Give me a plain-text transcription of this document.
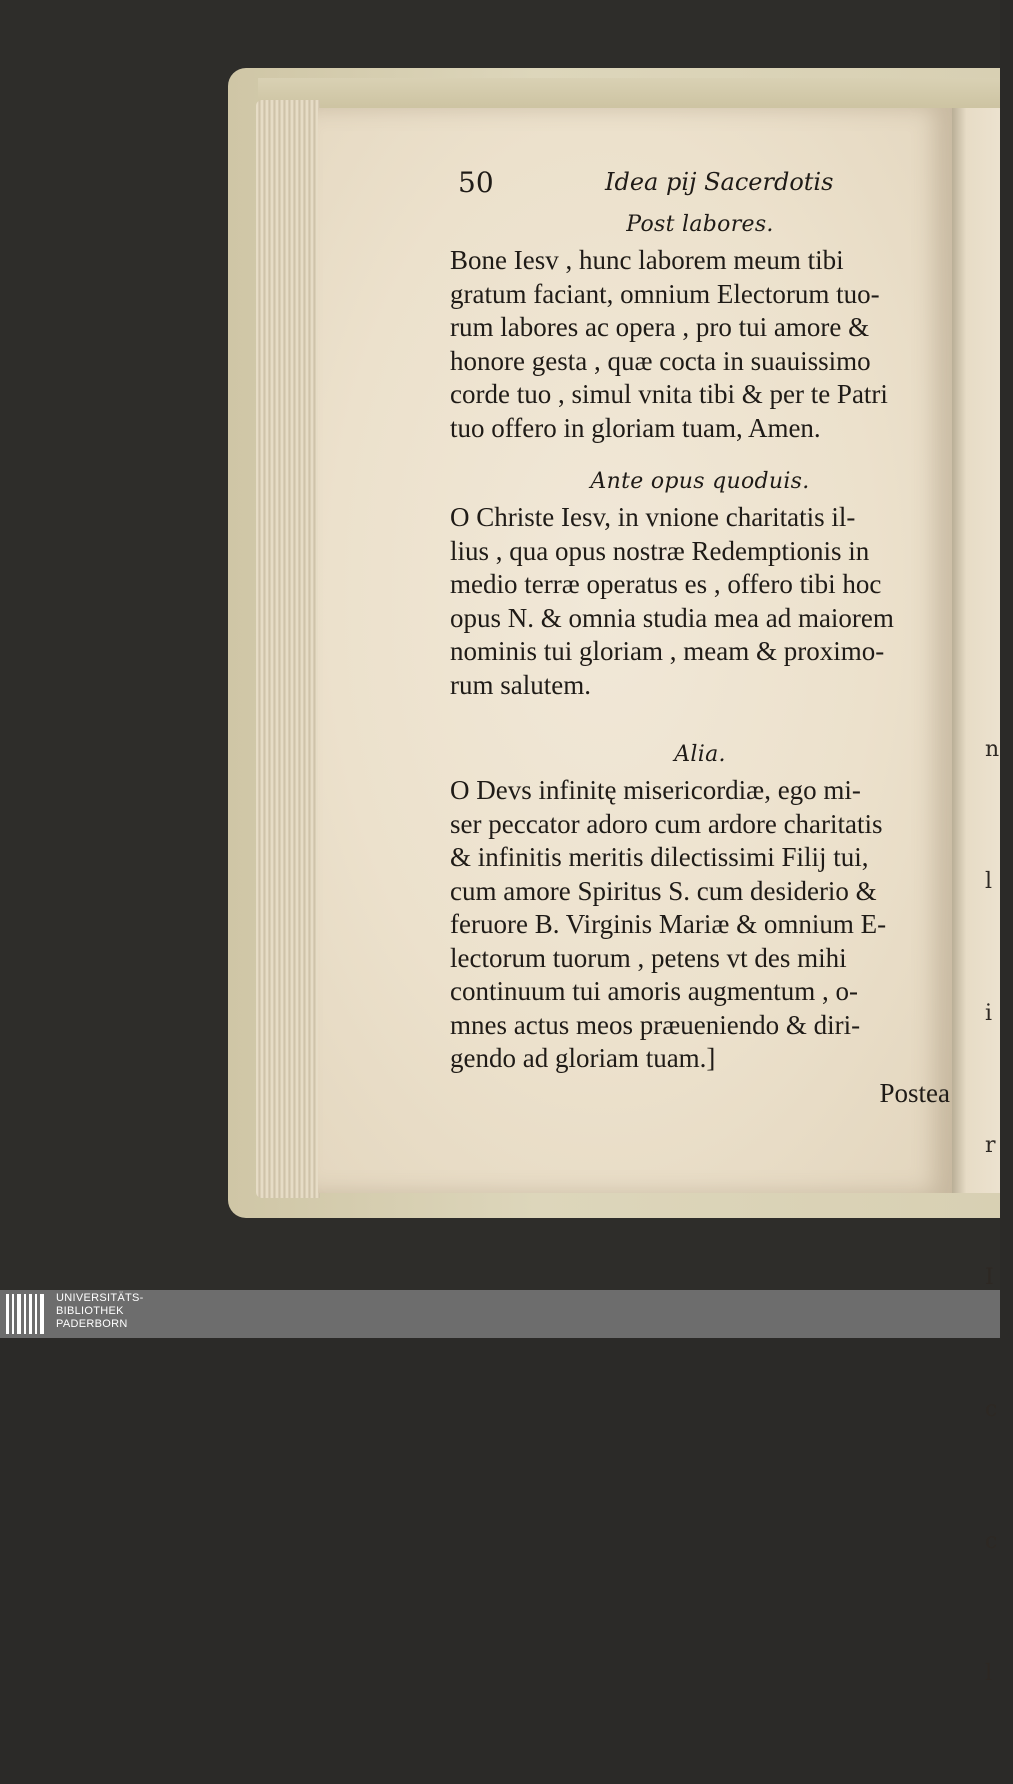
n

l

i

r

I

c

c

l

50	Idea pij Sacerdotis

Post labores.

Bone Iesv , hunc laborem meum tibi
gratum faciant, omnium Electorum tuo-
rum labores ac opera , pro tui amore &
honore gesta , quæ cocta in suauissimo
corde tuo , simul vnita tibi & per te Patri
tuo offero in gloriam tuam, Amen.

Ante opus quoduis.

O Christe Iesv, in vnione charitatis il-
lius , qua opus nostræ Redemptionis in
medio terræ operatus es , offero tibi hoc
opus N. & omnia studia mea ad maiorem
nominis tui gloriam , meam & proximo-
rum salutem.

Alia.

O Devs infinitę misericordiæ, ego mi-
ser peccator adoro cum ardore charitatis
& infinitis meritis dilectissimi Filij tui,
cum amore Spiritus S. cum desiderio &
feruore B. Virginis Mariæ & omnium E-
lectorum tuorum , petens vt des mihi
continuum tui amoris augmentum , o-
mnes actus meos præueniendo & diri-
gendo ad gloriam tuam.]

Postea
UNIVERSITÄTS-
BIBLIOTHEK
PADERBORN
